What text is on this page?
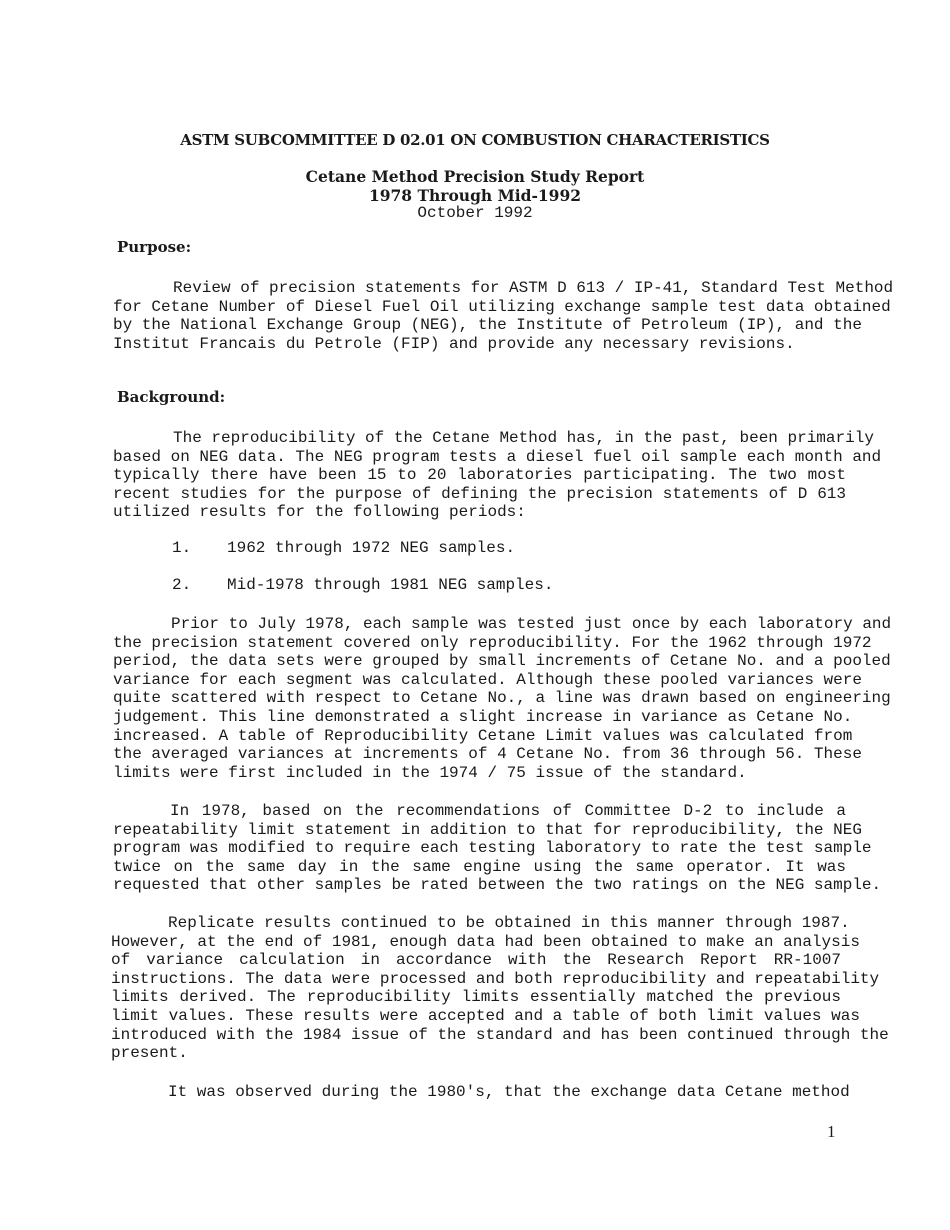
ASTM SUBCOMMITTEE D 02.01 ON COMBUSTION CHARACTERISTICS
Cetane Method Precision Study Report
1978 Through Mid-1992
October 1992
Purpose:
Review of precision statements for ASTM D 613 / IP-41, Standard Test Method
for Cetane Number of Diesel Fuel Oil utilizing exchange sample test data obtained
by the National Exchange Group (NEG), the Institute of Petroleum (IP), and the
Institut Francais du Petrole (FIP) and provide any necessary revisions.
Background:
The reproducibility of the Cetane Method has, in the past, been primarily
based on NEG data. The NEG program tests a diesel fuel oil sample each month and
typically there have been 15 to 20 laboratories participating. The two most
recent studies for the purpose of defining the precision statements of D 613
utilized results for the following periods:
1. 1962 through 1972 NEG samples.
2. Mid-1978 through 1981 NEG samples.
Prior to July 1978, each sample was tested just once by each laboratory and
the precision statement covered only reproducibility. For the 1962 through 1972
period, the data sets were grouped by small increments of Cetane No. and a pooled
variance for each segment was calculated. Although these pooled variances were
quite scattered with respect to Cetane No., a line was drawn based on engineering
judgement. This line demonstrated a slight increase in variance as Cetane No.
increased. A table of Reproducibility Cetane Limit values was calculated from
the averaged variances at increments of 4 Cetane No. from 36 through 56. These
limits were first included in the 1974 / 75 issue of the standard.
In 1978, based on the recommendations of Committee D-2 to include a
repeatability limit statement in addition to that for reproducibility, the NEG
program was modified to require each testing laboratory to rate the test sample
twice on the same day in the same engine using the same operator. It was
requested that other samples be rated between the two ratings on the NEG sample.
Replicate results continued to be obtained in this manner through 1987.
However, at the end of 1981, enough data had been obtained to make an analysis
of variance calculation in accordance with the Research Report RR-1007
instructions. The data were processed and both reproducibility and repeatability
limits derived. The reproducibility limits essentially matched the previous
limit values. These results were accepted and a table of both limit values was
introduced with the 1984 issue of the standard and has been continued through the
present.
It was observed during the 1980's, that the exchange data Cetane method
1
